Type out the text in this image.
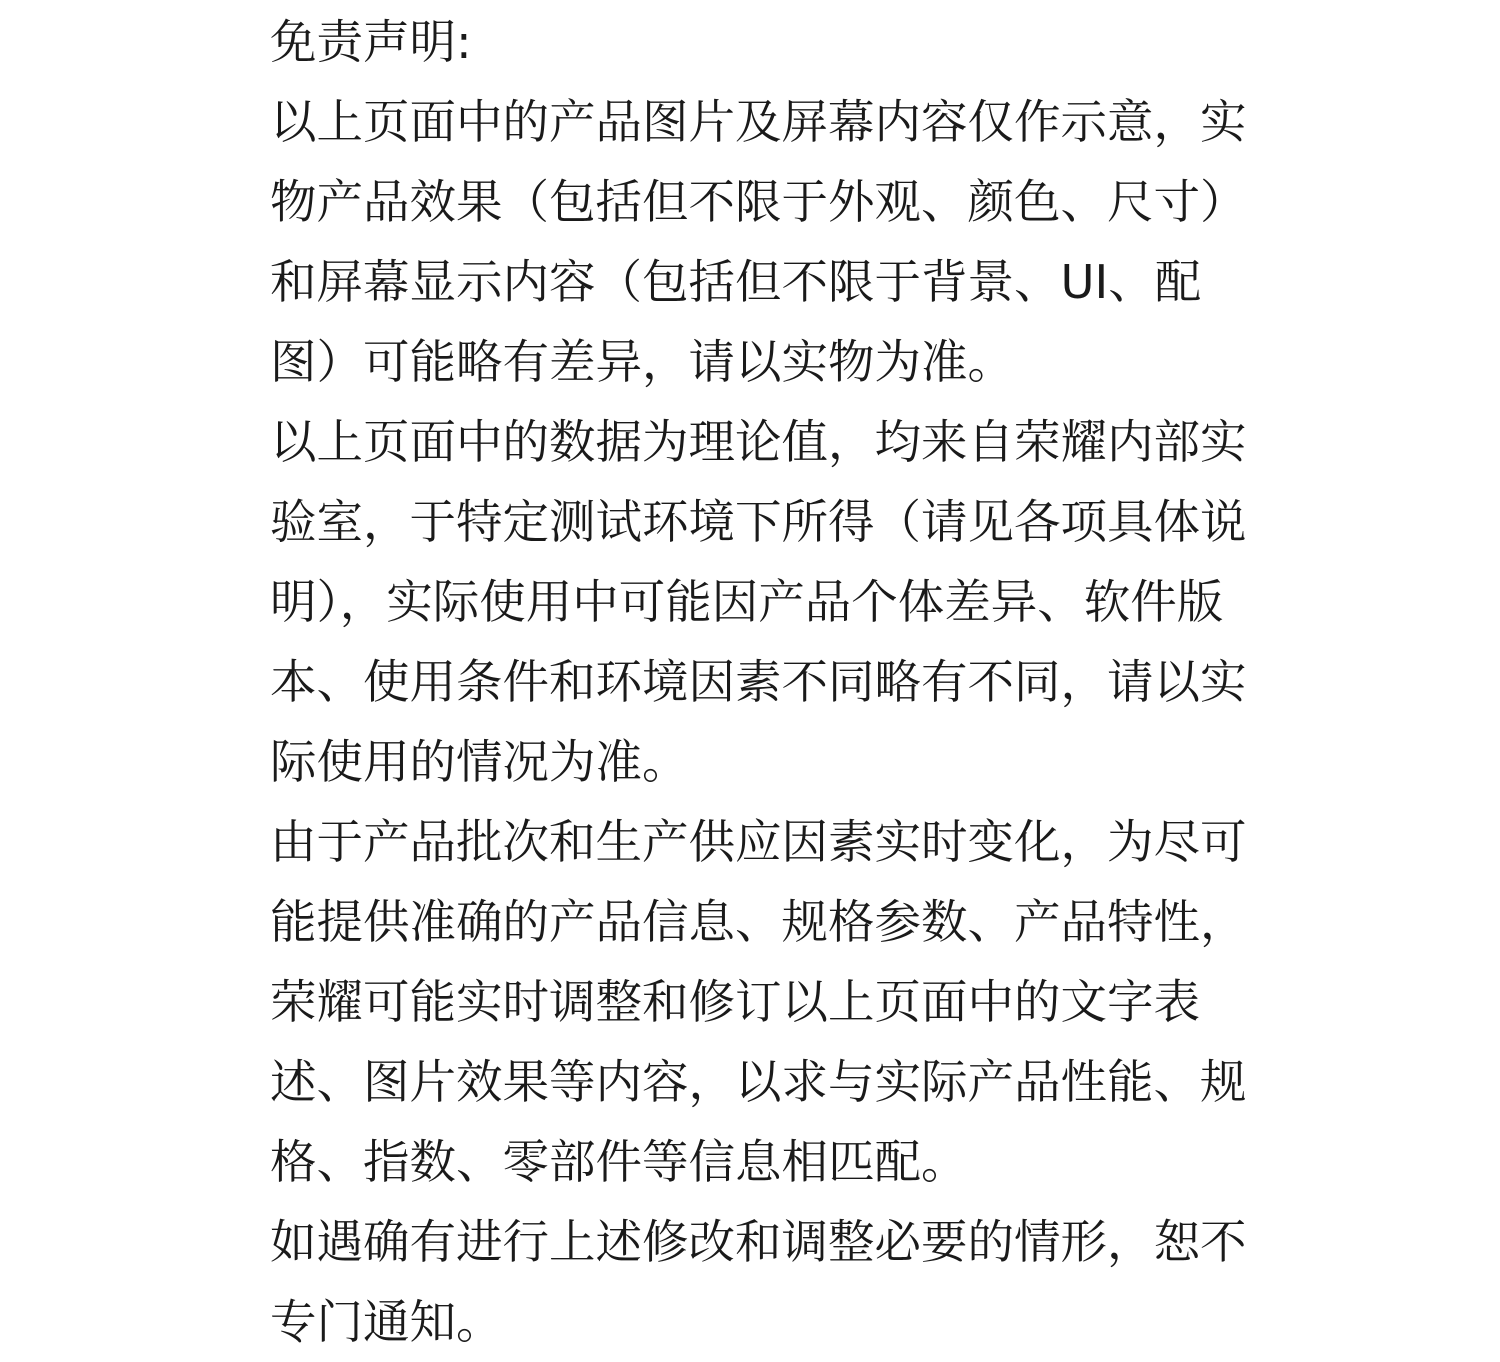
免责声明:
以上页面中的产品图片及屏幕内容仅作示意，实
物产品效果（包括但不限于外观、颜色、尺寸）
和屏幕显示内容（包括但不限于背景、UI、配
图）可能略有差异，请以实物为准。
以上页面中的数据为理论值，均来自荣耀内部实
验室，于特定测试环境下所得（请见各项具体说
明），实际使用中可能因产品个体差异、软件版
本、使用条件和环境因素不同略有不同，请以实
际使用的情况为准。
由于产品批次和生产供应因素实时变化，为尽可
能提供准确的产品信息、规格参数、产品特性，
荣耀可能实时调整和修订以上页面中的文字表
述、图片效果等内容，以求与实际产品性能、规
格、指数、零部件等信息相匹配。
如遇确有进行上述修改和调整必要的情形，恕不
专门通知。
